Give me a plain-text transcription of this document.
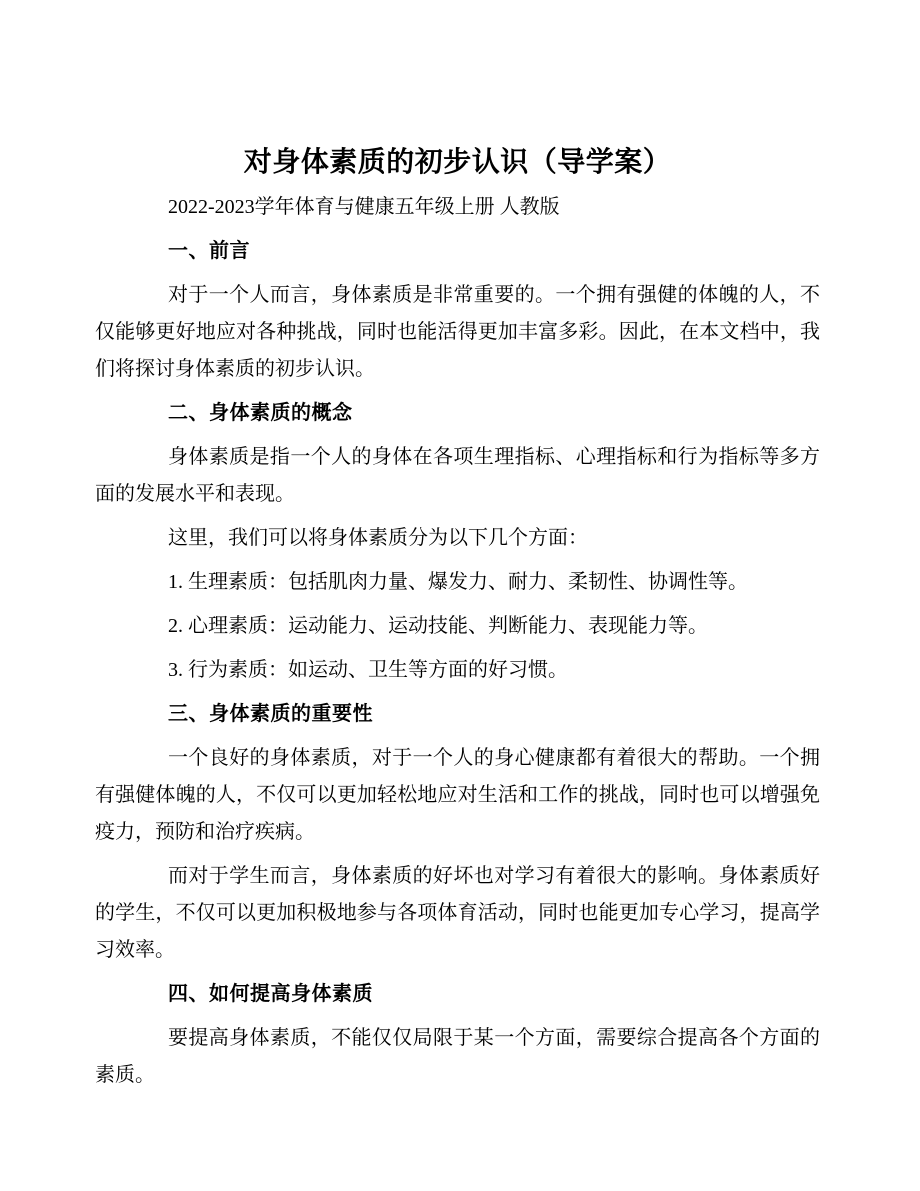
对身体素质的初步认识（导学案）
2022-2023学年体育与健康五年级上册 人教版
一、前言
对于一个人而言，身体素质是非常重要的。一个拥有强健的体魄的人，不仅能够更好地应对各种挑战，同时也能活得更加丰富多彩。因此，在本文档中，我们将探讨身体素质的初步认识。
二、身体素质的概念
身体素质是指一个人的身体在各项生理指标、心理指标和行为指标等多方面的发展水平和表现。
这里，我们可以将身体素质分为以下几个方面：
1. 生理素质：包括肌肉力量、爆发力、耐力、柔韧性、协调性等。
2. 心理素质：运动能力、运动技能、判断能力、表现能力等。
3. 行为素质：如运动、卫生等方面的好习惯。
三、身体素质的重要性
一个良好的身体素质，对于一个人的身心健康都有着很大的帮助。一个拥有强健体魄的人，不仅可以更加轻松地应对生活和工作的挑战，同时也可以增强免疫力，预防和治疗疾病。
而对于学生而言，身体素质的好坏也对学习有着很大的影响。身体素质好的学生，不仅可以更加积极地参与各项体育活动，同时也能更加专心学习，提高学习效率。
四、如何提高身体素质
要提高身体素质，不能仅仅局限于某一个方面，需要综合提高各个方面的素质。
